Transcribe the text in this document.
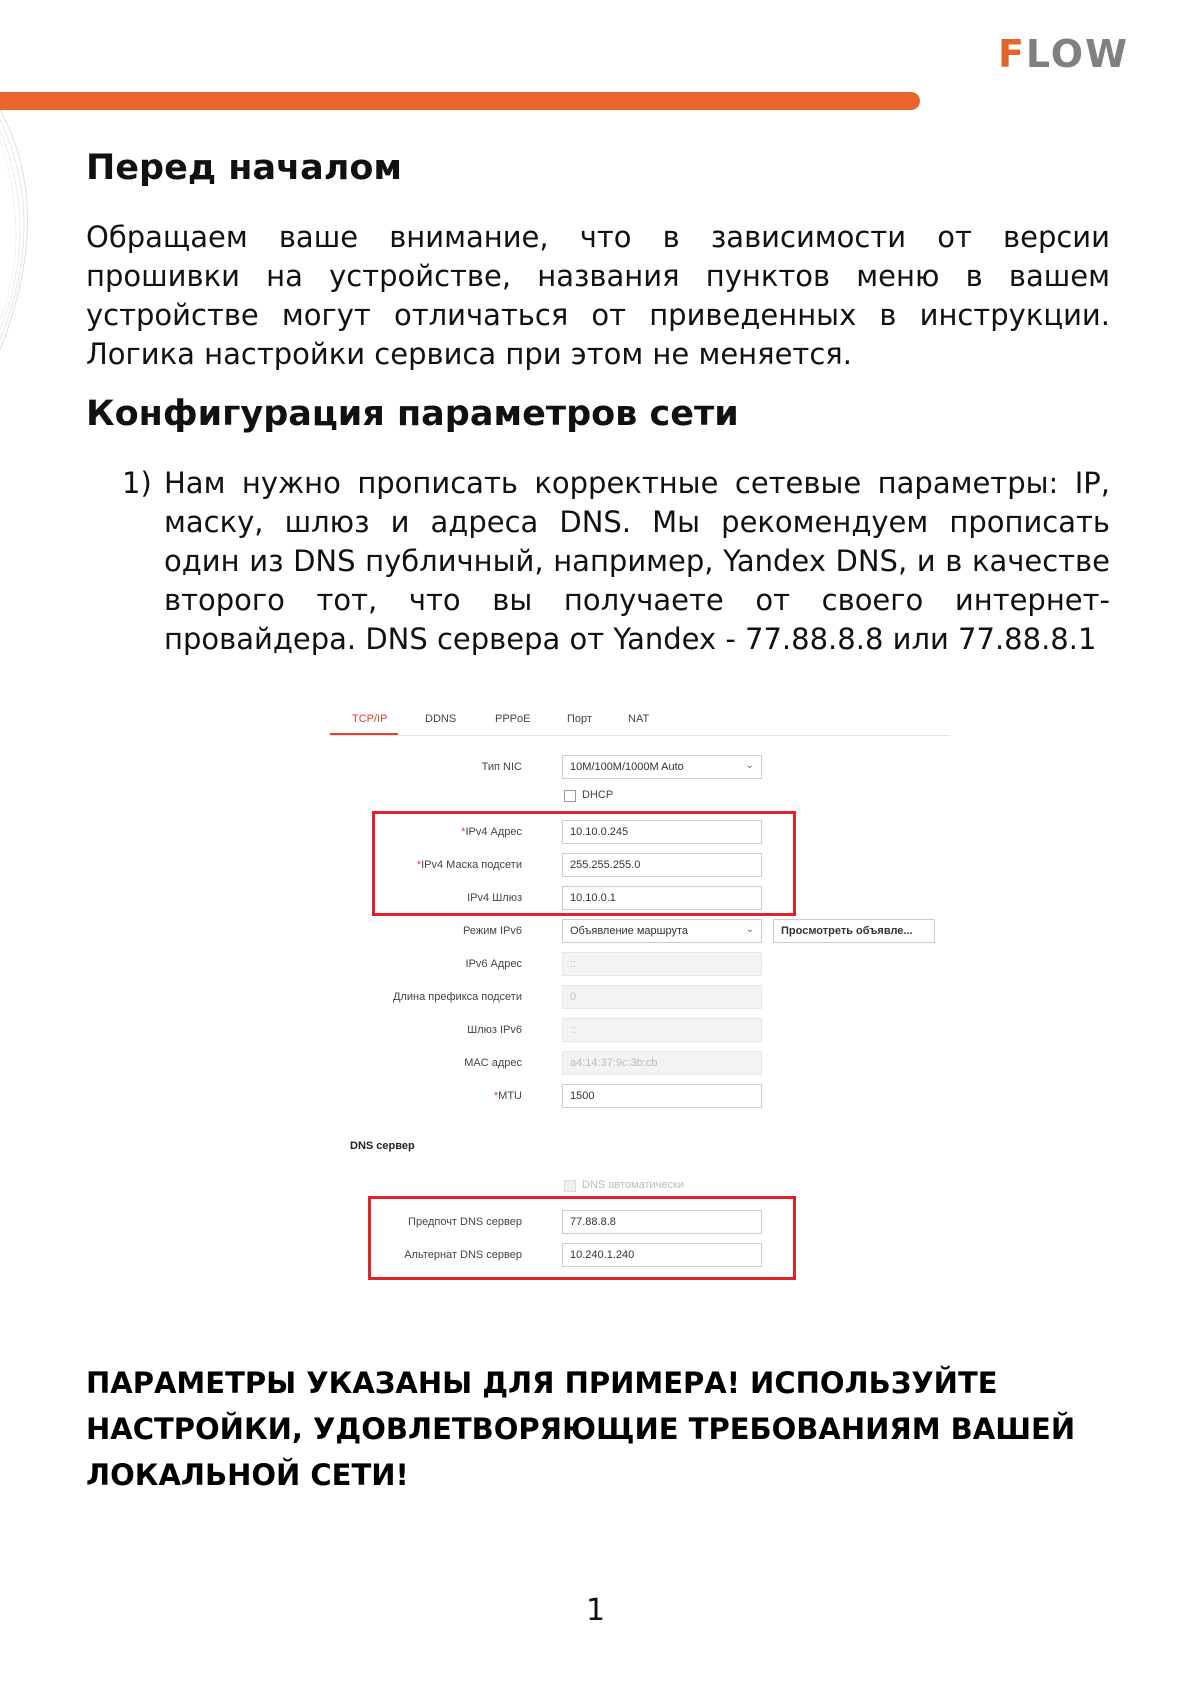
FLOW
Перед началом

Обращаем ваше внимание, что в зависимости от версии прошивки на устройстве, названия пунктов меню в вашем устройстве могут отличаться от приведенных в инструкции. Логика настройки сервиса при этом не меняется.

Конфигурация параметров сети
1) Нам нужно прописать корректные сетевые параметры: IP, маску, шлюз и адреса DNS. Мы рекомендуем прописать один из DNS публичный, например, Yandex DNS, и в качестве второго тот, что вы получаете от своего интернет-провайдера. DNS сервера от Yandex - 77.88.8.8 или 77.88.8.1
TCP/IP	DDNS	PPPoE	Порт	NAT
Тип NIC	10M/100M/1000M Auto	⌄
DHCP
*IPv4 Адрес	10.10.0.245
*IPv4 Маска подсети	255.255.255.0
IPv4 Шлюз	10.10.0.1
Режим IPv6	Объявление маршрута	⌄	Просмотреть объявле...
IPv6 Адрес	::
Длина префикса подсети	0
Шлюз IPv6	::
MAC адрес	a4:14:37:9c:3b:cb
*MTU	1500
DNS сервер
DNS автоматически
Предпочт DNS сервер	77.88.8.8
Альтернат DNS сервер	10.240.1.240

ПАРАМЕТРЫ УКАЗАНЫ ДЛЯ ПРИМЕРА! ИСПОЛЬЗУЙТЕ НАСТРОЙКИ, УДОВЛЕТВОРЯЮЩИЕ ТРЕБОВАНИЯМ ВАШЕЙ ЛОКАЛЬНОЙ СЕТИ!

1
